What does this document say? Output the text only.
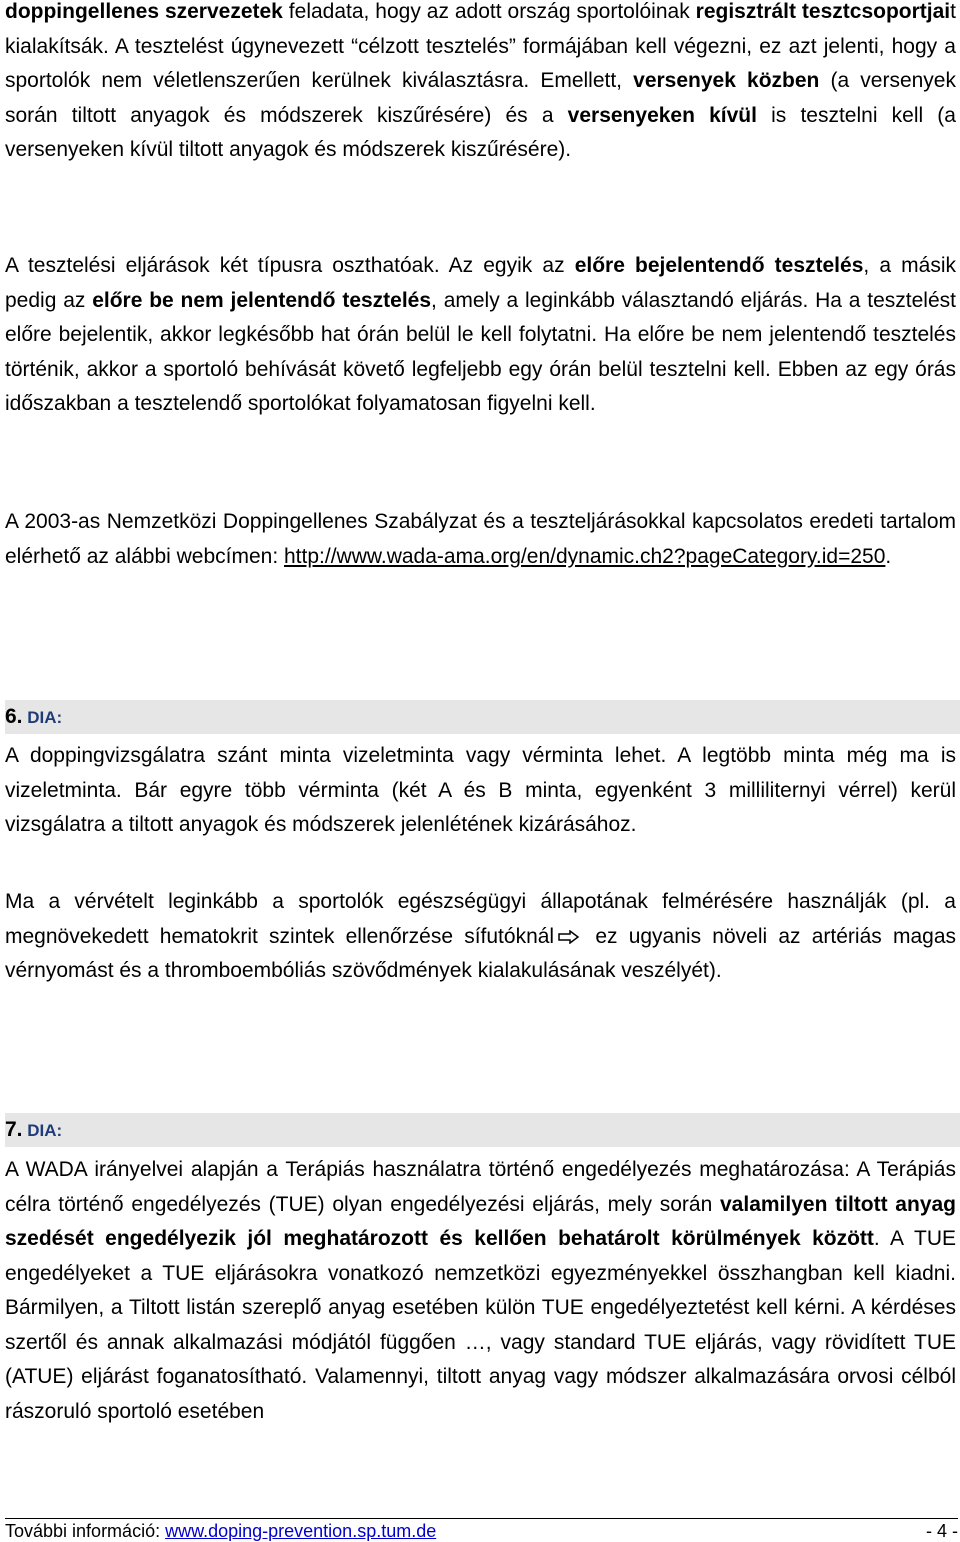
doppingellenes szervezetek feladata, hogy az adott ország sportolóinak regisztrált tesztcsoportjait kialakítsák. A tesztelést úgynevezett “célzott tesztelés” formájában kell végezni, ez azt jelenti, hogy a sportolók nem véletlenszerűen kerülnek kiválasztásra. Emellett, versenyek közben (a versenyek során tiltott anyagok és módszerek kiszűrésére) és a versenyeken kívül is tesztelni kell (a versenyeken kívül tiltott anyagok és módszerek kiszűrésére).

A tesztelési eljárások két típusra oszthatóak. Az egyik az előre bejelentendő tesztelés, a másik pedig az előre be nem jelentendő tesztelés, amely a leginkább választandó eljárás. Ha a tesztelést előre bejelentik, akkor legkésőbb hat órán belül le kell folytatni. Ha előre be nem jelentendő tesztelés történik, akkor a sportoló behívását követő legfeljebb egy órán belül tesztelni kell. Ebben az egy órás időszakban a tesztelendő sportolókat folyamatosan figyelni kell.

A 2003-as Nemzetközi Doppingellenes Szabályzat és a teszteljárásokkal kapcsolatos eredeti tartalom elérhető az alábbi webcímen: http://www.wada-ama.org/en/dynamic.ch2?pageCategory.id=250.

6. DIA:

A doppingvizsgálatra szánt minta vizeletminta vagy vérminta lehet. A legtöbb minta még ma is vizeletminta. Bár egyre több vérminta (két A és B minta, egyenként 3 milliliternyi vérrel) kerül vizsgálatra a tiltott anyagok és módszerek jelenlétének kizárásához.

Ma a vérvételt leginkább a sportolók egészségügyi állapotának felmérésére használják (pl. a megnövekedett hematokrit szintek ellenőrzése sífutóknál ez ugyanis növeli az artériás magas vérnyomást és a thromboembóliás szövődmények kialakulásának veszélyét).

7. DIA:

A WADA irányelvei alapján a Terápiás használatra történő engedélyezés meghatározása: A Terápiás célra történő engedélyezés (TUE) olyan engedélyezési eljárás, mely során valamilyen tiltott anyag szedését engedélyezik jól meghatározott és kellően behatárolt körülmények között. A TUE engedélyeket a TUE eljárásokra vonatkozó nemzetközi egyezményekkel összhangban kell kiadni. Bármilyen, a Tiltott listán szereplő anyag esetében külön TUE engedélyeztetést kell kérni. A kérdéses szertől és annak alkalmazási módjától függően …, vagy standard TUE eljárás, vagy rövidített TUE (ATUE) eljárást foganatosítható. Valamennyi, tiltott anyag vagy módszer alkalmazására orvosi célból rászoruló sportoló esetében

További információ: www.doping-prevention.sp.tum.de	- 4 -
